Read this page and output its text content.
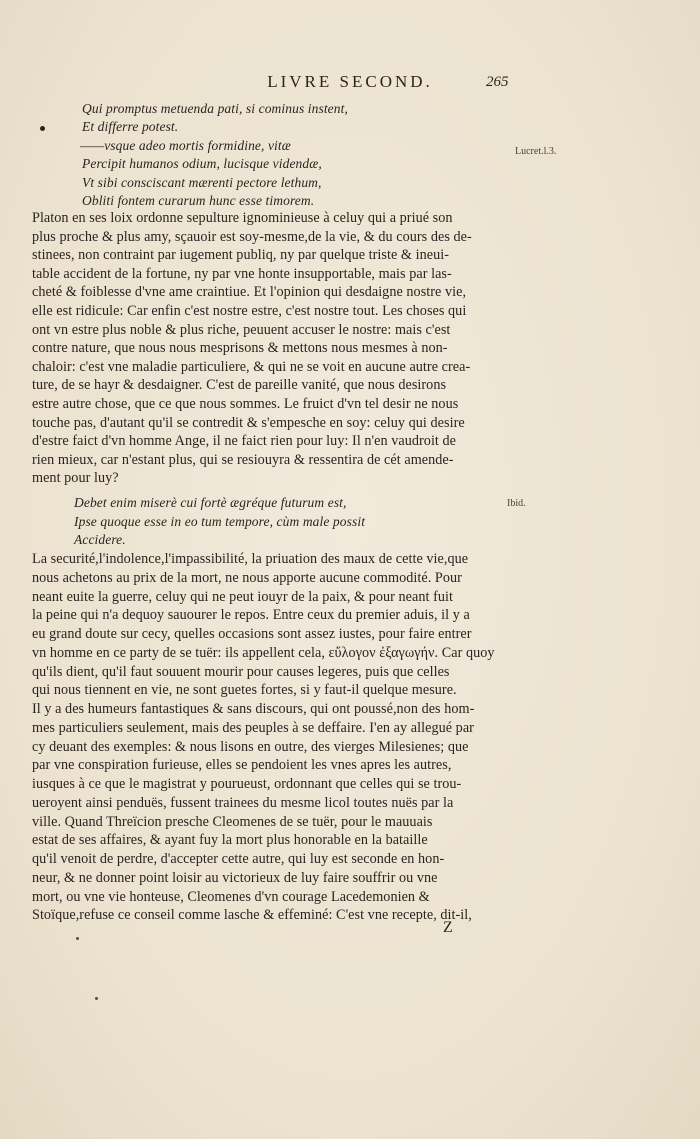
LIVRE SECOND.	265
Qui promptus metuenda pati, si cominus instent,
Et differre potest.
——vsque adeo mortis formidine, vitæ
Percipit humanos odium, lucisque videndæ,
Vt sibi consciscant mærenti pectore lethum,
Obliti fontem curarum hunc esse timorem.
Lucret.l.3.
Platon en ses loix ordonne sepulture ignominieuse à celuy qui a priué son
plus proche & plus amy, sçauoir est soy-mesme,de la vie, & du cours des de-
stinees, non contraint par iugement publiq, ny par quelque triste & ineui-
table accident de la fortune, ny par vne honte insupportable, mais par las-
cheté & foiblesse d'vne ame craintiue. Et l'opinion qui desdaigne nostre vie,
elle est ridicule: Car enfin c'est nostre estre, c'est nostre tout. Les choses qui
ont vn estre plus noble & plus riche, peuuent accuser le nostre: mais c'est
contre nature, que nous nous mesprisons & mettons nous mesmes à non-
chaloir: c'est vne maladie particuliere, & qui ne se voit en aucune autre crea-
ture, de se hayr & desdaigner. C'est de pareille vanité, que nous desirons
estre autre chose, que ce que nous sommes. Le fruict d'vn tel desir ne nous
touche pas, d'autant qu'il se contredit & s'empesche en soy: celuy qui desire
d'estre faict d'vn homme Ange, il ne faict rien pour luy: Il n'en vaudroit de
rien mieux, car n'estant plus, qui se resiouyra & ressentira de cét amende-
ment pour luy?
Debet enim miserè cui fortè ægréque futurum est,
Ipse quoque esse in eo tum tempore, cùm male possit
Accidere.
Ibid.
La securité,l'indolence,l'impassibilité, la priuation des maux de cette vie,que
nous achetons au prix de la mort, ne nous apporte aucune commodité. Pour
neant euite la guerre, celuy qui ne peut iouyr de la paix, & pour neant fuit
la peine qui n'a dequoy sauourer le repos. Entre ceux du premier aduis, il y a
eu grand doute sur cecy, quelles occasions sont assez iustes, pour faire entrer
vn homme en ce party de se tuër: ils appellent cela, εὔλογον ἐξαγωγήν. Car quoy
qu'ils dient, qu'il faut souuent mourir pour causes legeres, puis que celles
qui nous tiennent en vie, ne sont guetes fortes, si y faut-il quelque mesure.
Il y a des humeurs fantastiques & sans discours, qui ont poussé,non des hom-
mes particuliers seulement, mais des peuples à se deffaire. I'en ay allegué par
cy deuant des exemples: & nous lisons en outre, des vierges Milesienes; que
par vne conspiration furieuse, elles se pendoient les vnes apres les autres,
iusques à ce que le magistrat y pourueust, ordonnant que celles qui se trou-
ueroyent ainsi penduës, fussent trainees du mesme licol toutes nuës par la
ville. Quand Threïcion presche Cleomenes de se tuër, pour le mauuais
estat de ses affaires, & ayant fuy la mort plus honorable en la bataille
qu'il venoit de perdre, d'accepter cette autre, qui luy est seconde en hon-
neur, & ne donner point loisir au victorieux de luy faire souffrir ou vne
mort, ou vne vie honteuse, Cleomenes d'vn courage Lacedemonien &
Stoïque,refuse ce conseil comme lasche & effeminé: C'est vne recepte, dit-il,
Z
